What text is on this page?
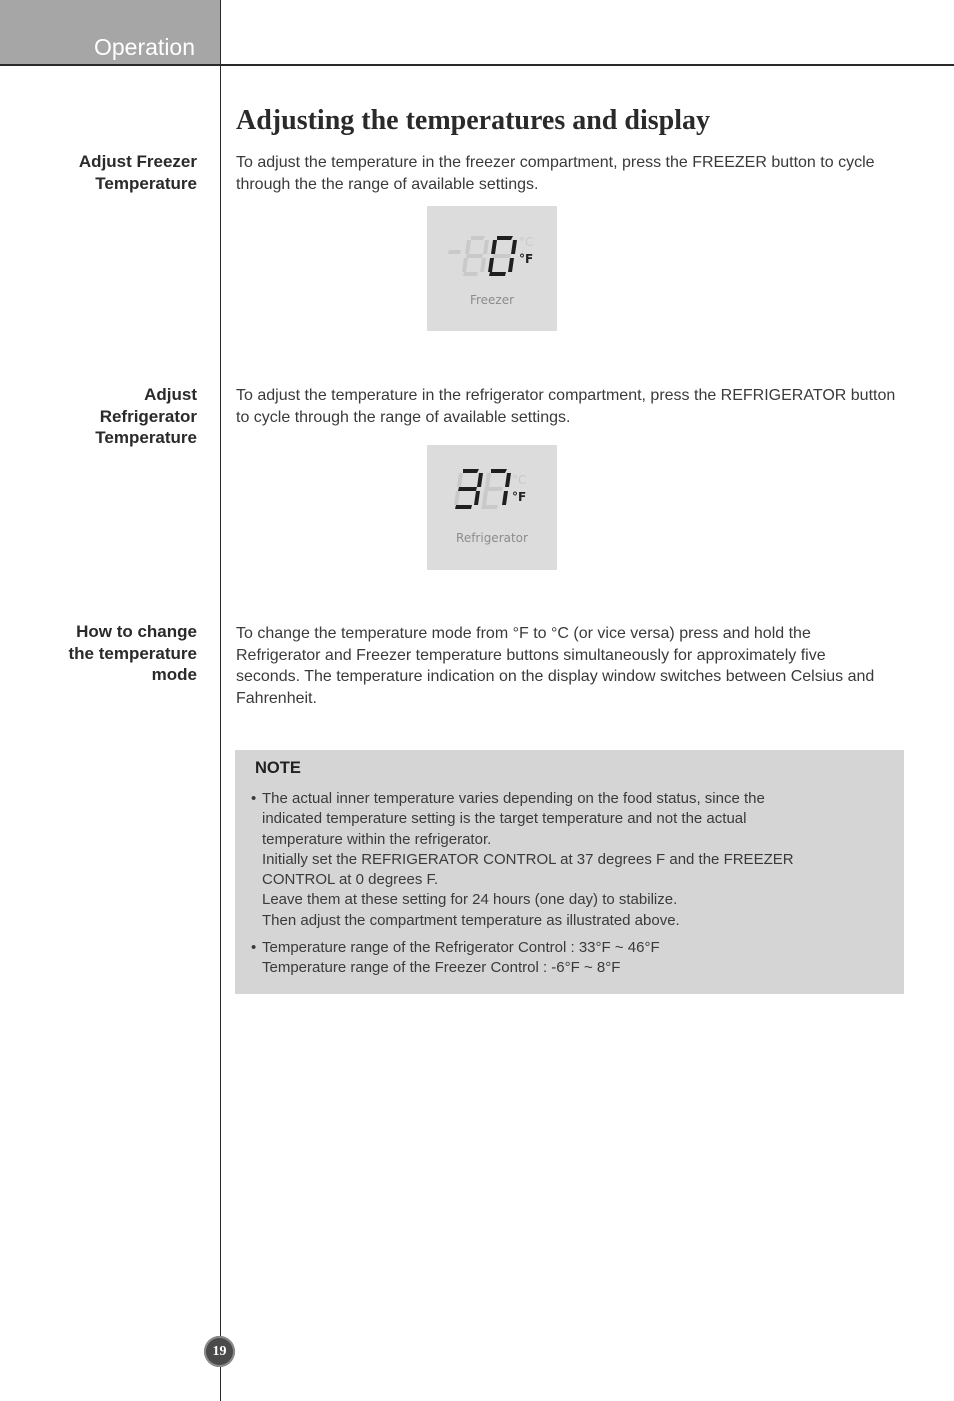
Operation
Adjusting the temperatures and display
Adjust Freezer
Temperature

To adjust the temperature in the freezer compartment, press the FREEZER button to cycle through the the range of available settings.

°C
°F
Freezer
Adjust
Refrigerator
Temperature

To adjust the temperature in the refrigerator compartment, press the REFRIGERATOR button to cycle through the range of available settings.

°C
°F
Refrigerator
How to change
the temperature
mode

To change the temperature mode from °F to °C (or vice versa) press and hold the Refrigerator and Freezer temperature buttons simultaneously for approximately five seconds. The temperature indication on the display window switches between Celsius and Fahrenheit.

NOTE
• The actual inner temperature varies depending on the food status, since the
indicated temperature setting is the target temperature and not the actual
temperature within the refrigerator.
Initially set the REFRIGERATOR CONTROL at 37 degrees F and the FREEZER
CONTROL at 0 degrees F.
Leave them at these setting for 24 hours (one day) to stabilize.
Then adjust the compartment temperature as illustrated above.
• Temperature range of the Refrigerator Control : 33°F ~ 46°F
Temperature range of the Freezer Control : -6°F ~ 8°F
19
